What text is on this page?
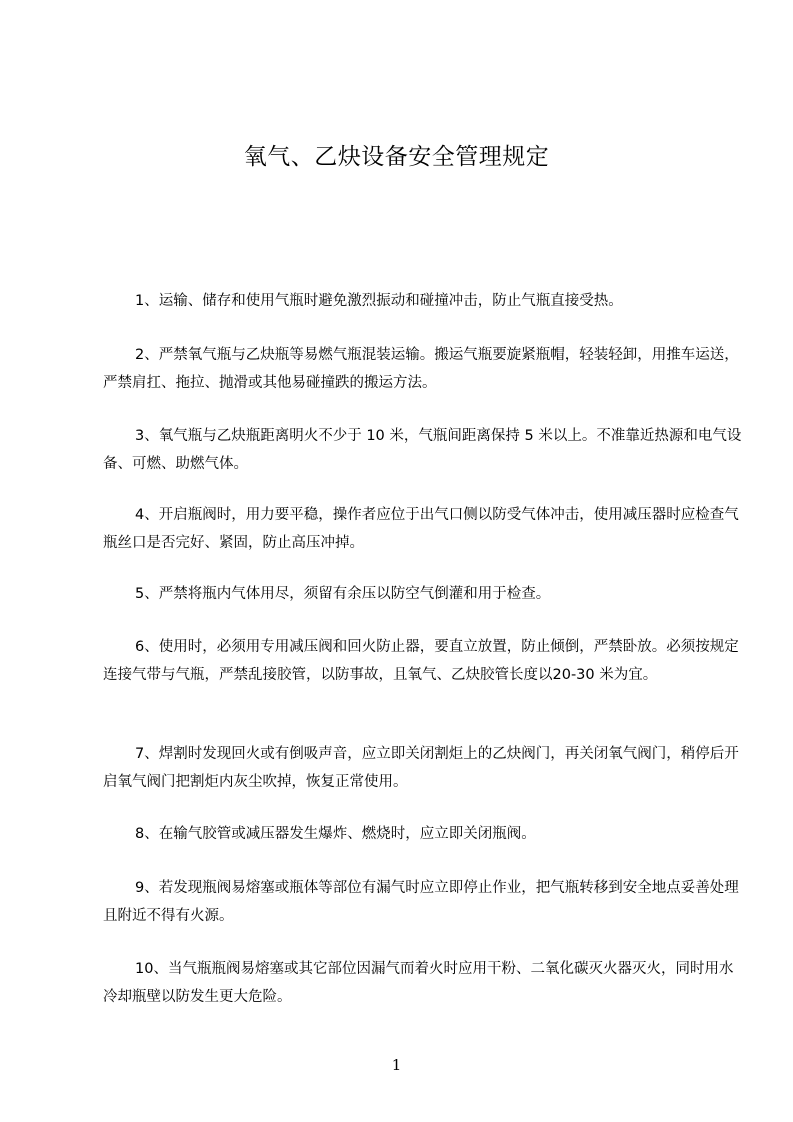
氧气、乙炔设备安全管理规定

1、运输、储存和使用气瓶时避免激烈振动和碰撞冲击，防止气瓶直接受热。

2、严禁氧气瓶与乙炔瓶等易燃气瓶混装运输。搬运气瓶要旋紧瓶帽，轻装轻卸，用推车运送，严禁肩扛、拖拉、抛滑或其他易碰撞跌的搬运方法。

3、氧气瓶与乙炔瓶距离明火不少于 10 米，气瓶间距离保持 5 米以上。不准靠近热源和电气设备、可燃、助燃气体。

4、开启瓶阀时，用力要平稳，操作者应位于出气口侧以防受气体冲击，使用减压器时应检查气瓶丝口是否完好、紧固，防止高压冲掉。

5、严禁将瓶内气体用尽，须留有余压以防空气倒灌和用于检查。

6、使用时，必须用专用减压阀和回火防止器，要直立放置，防止倾倒，严禁卧放。必须按规定连接气带与气瓶，严禁乱接胶管，以防事故，且氧气、乙炔胶管长度以20-30 米为宜。

7、焊割时发现回火或有倒吸声音，应立即关闭割炬上的乙炔阀门，再关闭氧气阀门，稍停后开启氧气阀门把割炬内灰尘吹掉，恢复正常使用。

8、在输气胶管或减压器发生爆炸、燃烧时，应立即关闭瓶阀。

9、若发现瓶阀易熔塞或瓶体等部位有漏气时应立即停止作业，把气瓶转移到安全地点妥善处理且附近不得有火源。

10、当气瓶瓶阀易熔塞或其它部位因漏气而着火时应用干粉、二氧化碳灭火器灭火，同时用水冷却瓶壁以防发生更大危险。

1
